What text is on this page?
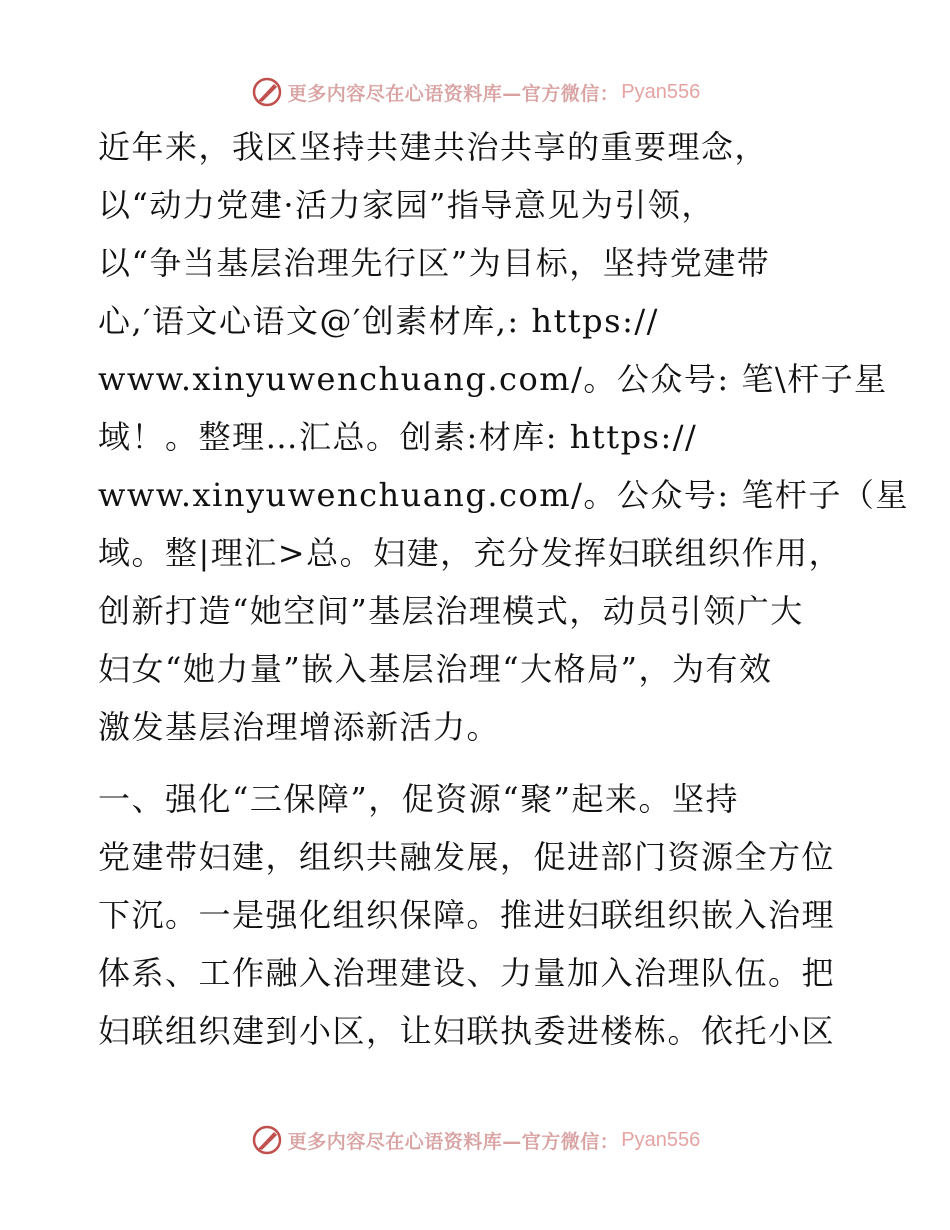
更多内容尽在心语资料库—官方微信： Pyan556

近年来，我区坚持共建共治共享的重要理念，
以“动力党建·活力家园”指导意见为引领，
以“争当基层治理先行区”为目标，坚持党建带
心,′语文心语文@′创素材库,: https://
www.xinyuwenchuang.com/。公众号: 笔\杆子星
域！。整理…汇总。创素:材库: https://
www.xinyuwenchuang.com/。公众号: 笔杆子（星
域。整|理汇>总。妇建，充分发挥妇联组织作用，
创新打造“她空间”基层治理模式，动员引领广大
妇女“她力量”嵌入基层治理“大格局”，为有效
激发基层治理增添新活力。

一、强化“三保障”，促资源“聚”起来。坚持
党建带妇建，组织共融发展，促进部门资源全方位
下沉。一是强化组织保障。推进妇联组织嵌入治理
体系、工作融入治理建设、力量加入治理队伍。把
妇联组织建到小区，让妇联执委进楼栋。依托小区

更多内容尽在心语资料库—官方微信： Pyan556
